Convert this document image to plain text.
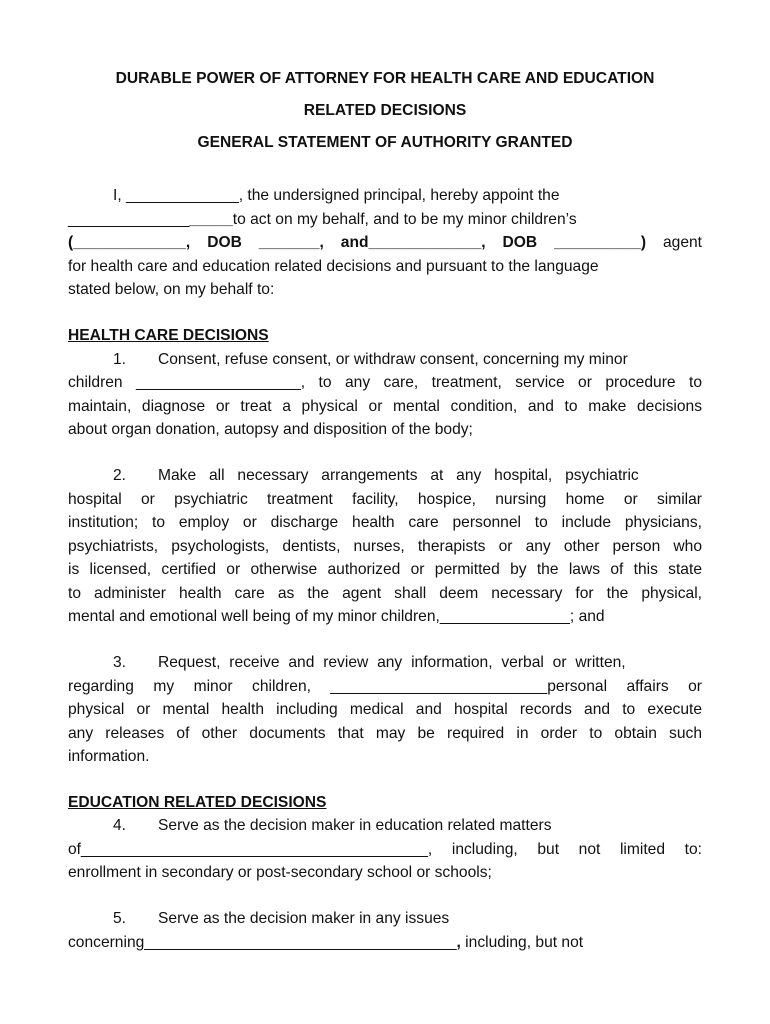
DURABLE POWER OF ATTORNEY FOR HEALTH CARE AND EDUCATION
RELATED DECISIONS
GENERAL STATEMENT OF AUTHORITY GRANTED
I, _____________, the undersigned principal, hereby appoint the
___________________to act on my behalf, and to be my minor children’s
(_____________, DOB _______, and_____________, DOB __________) agent
for health care and education related decisions and pursuant to the language
stated below, on my behalf to:
HEALTH CARE DECISIONS
1. Consent, refuse consent, or withdraw consent, concerning my minor
children ___________________, to any care, treatment, service or procedure to
maintain, diagnose or treat a physical or mental condition, and to make decisions
about organ donation, autopsy and disposition of the body;
2. Make all necessary arrangements at any hospital, psychiatric
hospital or psychiatric treatment facility, hospice, nursing home or similar
institution; to employ or discharge health care personnel to include physicians,
psychiatrists, psychologists, dentists, nurses, therapists or any other person who
is licensed, certified or otherwise authorized or permitted by the laws of this state
to administer health care as the agent shall deem necessary for the physical,
mental and emotional well being of my minor children,_______________; and
3. Request, receive and review any information, verbal or written,
regarding my minor children, _________________________personal affairs or
physical or mental health including medical and hospital records and to execute
any releases of other documents that may be required in order to obtain such
information.
EDUCATION RELATED DECISIONS
4. Serve as the decision maker in education related matters
of________________________________________, including, but not limited to:
enrollment in secondary or post-secondary school or schools;
5. Serve as the decision maker in any issues
concerning____________________________________, including, but not
